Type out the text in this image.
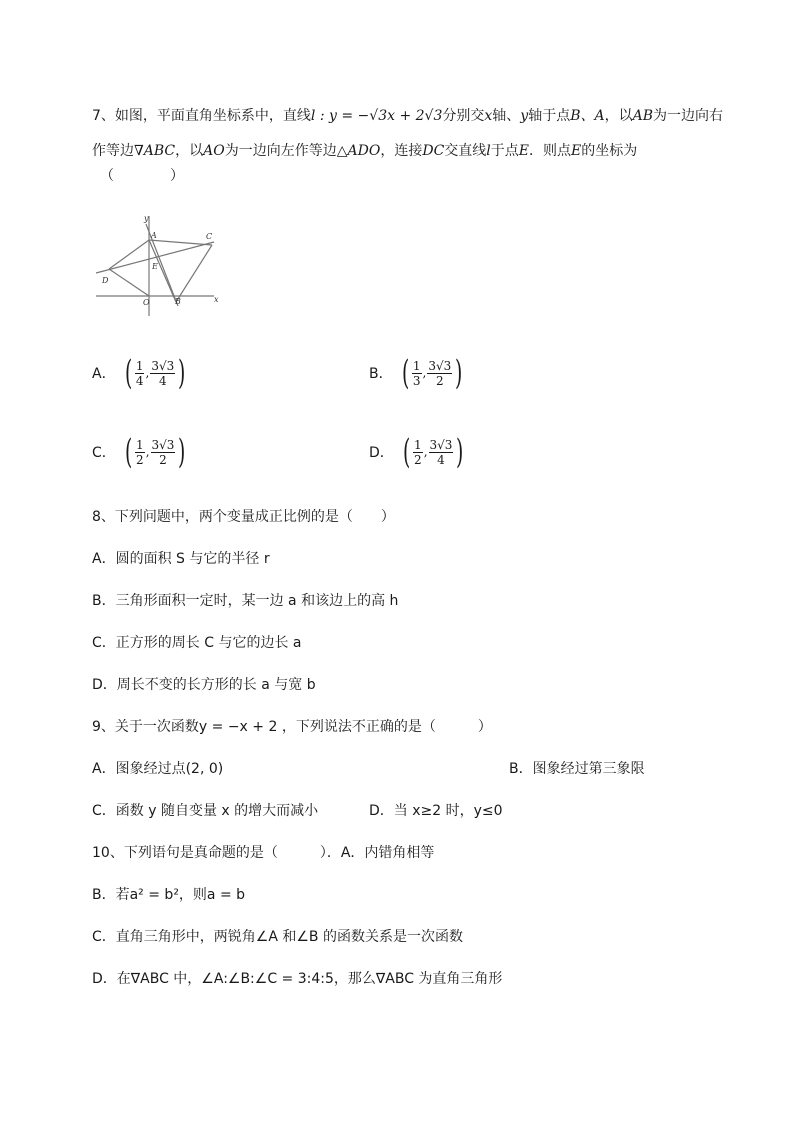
7、如图，平面直角坐标系中，直线l : y = −√3x + 2√3分别交x轴、y轴于点B、A，以AB为一边向右
作等边∇ABC，以AO为一边向左作等边△ADO，连接DC交直线l于点E．则点E的坐标为
（　　　　）
y
x
A
B
C
D
E
O
A． ( $\frac{1}{4}$ , $\frac{3√3}{4}$ )	B． ( $\frac{1}{3}$ , $\frac{3√3}{2}$ )
C． ( $\frac{1}{2}$ , $\frac{3√3}{2}$ )	D． ( $\frac{1}{2}$ , $\frac{3√3}{4}$ )
8、下列问题中，两个变量成正比例的是（　　）
A．圆的面积 S 与它的半径 r
B．三角形面积一定时，某一边 a 和该边上的高 h
C．正方形的周长 C 与它的边长 a
D．周长不变的长方形的长 a 与宽 b
9、关于一次函数y = −x + 2 ，下列说法不正确的是（　　　）
A．图象经过点(2, 0)	B．图象经过第三象限
C．函数 y 随自变量 x 的增大而减小	D．当 x≥2 时，y≤0
10、下列语句是真命题的是（　　　）．A．内错角相等
B．若a² = b²，则a = b
C．直角三角形中，两锐角∠A 和∠B 的函数关系是一次函数
D．在∇ABC 中，∠A:∠B:∠C = 3:4:5，那么∇ABC 为直角三角形
